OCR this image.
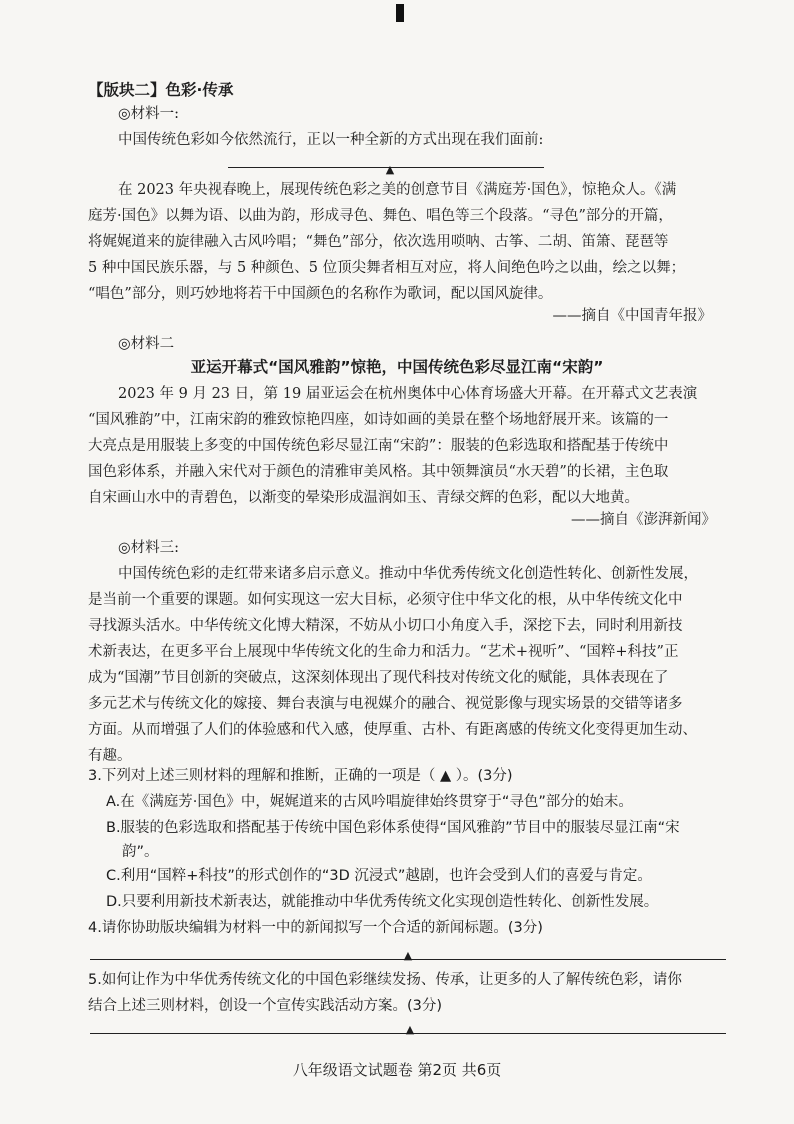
【版块二】色彩·传承
◎材料一:
中国传统色彩如今依然流行，正以一种全新的方式出现在我们面前:
▲
在 2023 年央视春晚上，展现传统色彩之美的创意节目《满庭芳·国色》，惊艳众人。《满
庭芳·国色》以舞为语、以曲为韵，形成寻色、舞色、唱色等三个段落。“寻色”部分的开篇，
将娓娓道来的旋律融入古风吟唱；“舞色”部分，依次选用唢呐、古筝、二胡、笛箫、琵琶等
5 种中国民族乐器，与 5 种颜色、5 位顶尖舞者相互对应，将人间绝色吟之以曲，绘之以舞；
“唱色”部分，则巧妙地将若干中国颜色的名称作为歌词，配以国风旋律。
——摘自《中国青年报》
◎材料二
亚运开幕式“国风雅韵”惊艳，中国传统色彩尽显江南“宋韵”
2023 年 9 月 23 日，第 19 届亚运会在杭州奥体中心体育场盛大开幕。在开幕式文艺表演
“国风雅韵”中，江南宋韵的雅致惊艳四座，如诗如画的美景在整个场地舒展开来。该篇的一
大亮点是用服装上多变的中国传统色彩尽显江南“宋韵”：服装的色彩选取和搭配基于传统中
国色彩体系，并融入宋代对于颜色的清雅审美风格。其中领舞演员“水天碧”的长裙，主色取
自宋画山水中的青碧色，以渐变的晕染形成温润如玉、青绿交辉的色彩，配以大地黄。
——摘自《澎湃新闻》
◎材料三:
中国传统色彩的走红带来诸多启示意义。推动中华优秀传统文化创造性转化、创新性发展，
是当前一个重要的课题。如何实现这一宏大目标，必须守住中华文化的根，从中华传统文化中
寻找源头活水。中华传统文化博大精深，不妨从小切口小角度入手，深挖下去，同时利用新技
术新表达，在更多平台上展现中华传统文化的生命力和活力。“艺术+视听”、“国粹+科技”正
成为“国潮”节目创新的突破点，这深刻体现出了现代科技对传统文化的赋能，具体表现在了
多元艺术与传统文化的嫁接、舞台表演与电视媒介的融合、视觉影像与现实场景的交错等诸多
方面。从而增强了人们的体验感和代入感，使厚重、古朴、有距离感的传统文化变得更加生动、
有趣。
3.下列对上述三则材料的理解和推断，正确的一项是（ ▲ ）。(3分)
A.在《满庭芳·国色》中，娓娓道来的古风吟唱旋律始终贯穿于“寻色”部分的始末。
B.服装的色彩选取和搭配基于传统中国色彩体系使得“国风雅韵”节目中的服装尽显江南“宋
韵”。
C.利用“国粹+科技”的形式创作的“3D 沉浸式”越剧，也许会受到人们的喜爱与肯定。
D.只要利用新技术新表达，就能推动中华优秀传统文化实现创造性转化、创新性发展。
4.请你协助版块编辑为材料一中的新闻拟写一个合适的新闻标题。(3分)
▲
5.如何让作为中华优秀传统文化的中国色彩继续发扬、传承，让更多的人了解传统色彩，请你
结合上述三则材料，创设一个宣传实践活动方案。(3分)
▲
八年级语文试题卷 第2页 共6页
